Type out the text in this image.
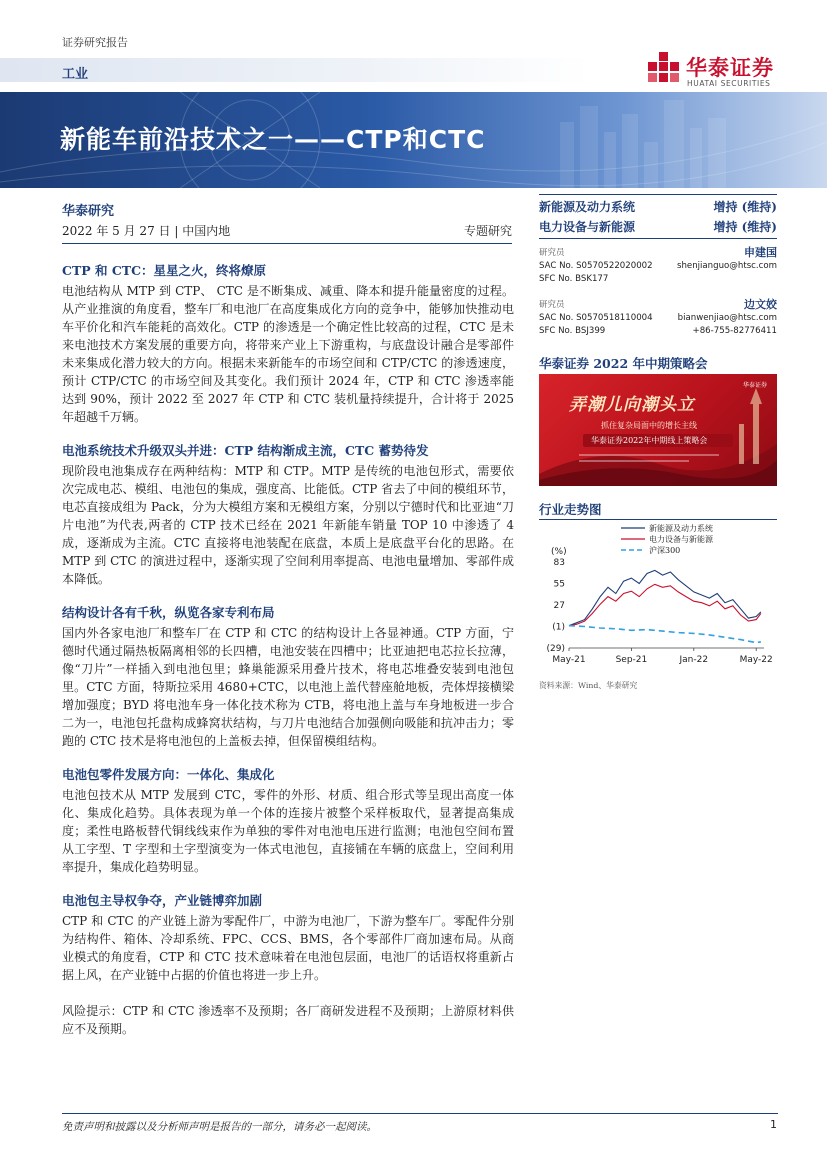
证券研究报告
工业	华泰证券
HUATAI SECURITIES
新能车前沿技术之一——CTP和CTC
华泰研究
2022 年 5 月 27 日 | 中国内地	专题研究
CTP 和 CTC：星星之火，终将燎原
电池结构从 MTP 到 CTP、 CTC 是不断集成、减重、降本和提升能量密度的过程。从产业推演的角度看，整车厂和电池厂在高度集成化方向的竞争中，能够加快推动电车平价化和汽车能耗的高效化。CTP 的渗透是一个确定性比较高的过程，CTC 是未来电池技术方案发展的重要方向，将带来产业上下游重构，与底盘设计融合是零部件未来集成化潜力较大的方向。根据未来新能车的市场空间和 CTP/CTC 的渗透速度，预计 CTP/CTC 的市场空间及其变化。我们预计 2024 年，CTP 和 CTC 渗透率能达到 90%，预计 2022 至 2027 年 CTP 和 CTC 装机量持续提升，合计将于 2025 年超越千万辆。
电池系统技术升级双头并进：CTP 结构渐成主流，CTC 蓄势待发
现阶段电池集成存在两种结构：MTP 和 CTP。MTP 是传统的电池包形式，需要依次完成电芯、模组、电池包的集成，强度高、比能低。CTP 省去了中间的模组环节，电芯直接成组为 Pack，分为大模组方案和无模组方案，分别以宁德时代和比亚迪“刀片电池”为代表,两者的 CTP 技术已经在 2021 年新能车销量 TOP 10 中渗透了 4 成，逐渐成为主流。CTC 直接将电池装配在底盘，本质上是底盘平台化的思路。在 MTP 到 CTC 的演进过程中，逐渐实现了空间利用率提高、电池电量增加、零部件成本降低。
结构设计各有千秋，纵览各家专利布局
国内外各家电池厂和整车厂在 CTP 和 CTC 的结构设计上各显神通。CTP 方面，宁德时代通过隔热板隔离相邻的长四槽，电池安装在四槽中；比亚迪把电芯拉长拉薄，像“刀片”一样插入到电池包里；蜂巢能源采用叠片技术，将电芯堆叠安装到电池包里。CTC 方面，特斯拉采用 4680+CTC，以电池上盖代替座舱地板，壳体焊接横梁增加强度；BYD 将电池车身一体化技术称为 CTB，将电池上盖与车身地板进一步合二为一，电池包托盘构成蜂窝状结构，与刀片电池结合加强侧向吸能和抗冲击力；零跑的 CTC 技术是将电池包的上盖板去掉，但保留模组结构。
电池包零件发展方向：一体化、集成化
电池包技术从 MTP 发展到 CTC，零件的外形、材质、组合形式等呈现出高度一体化、集成化趋势。具体表现为单一个体的连接片被整个采样板取代，显著提高集成度；柔性电路板替代铜线线束作为单独的零件对电池电压进行监测；电池包空间布置从工字型、T 字型和土字型演变为一体式电池包，直接铺在车辆的底盘上，空间利用率提升，集成化趋势明显。
电池包主导权争夺，产业链博弈加剧
CTP 和 CTC 的产业链上游为零配件厂，中游为电池厂，下游为整车厂。零配件分别为结构件、箱体、冷却系统、FPC、CCS、BMS，各个零部件厂商加速布局。从商业模式的角度看，CTP 和 CTC 技术意味着在电池包层面，电池厂的话语权将重新占据上风，在产业链中占据的价值也将进一步上升。
风险提示：CTP 和 CTC 渗透率不及预期；各厂商研发进程不及预期；上游原材料供应不及预期。
新能源及动力系统	增持 (维持)
电力设备与新能源	增持 (维持)
研究员	申建国
SAC No. S0570522020002
SFC No. BSK177
shenjianguo@htsc.com
研究员	边文姣
SAC No. S0570518110004
SFC No. BSJ399
bianwenjiao@htsc.com
+86-755-82776411
华泰证券 2022 年中期策略会
华泰证券
弄潮儿向潮头立
抓住复杂局面中的增长主线
华泰证券2022年中期线上策略会
行业走势图
(%)
83
55
27
(1)
(29)
May-21	Sep-21	Jan-22	May-22
新能源及动力系统
电力设备与新能源
沪深300
资料来源：Wind、华泰研究
免责声明和披露以及分析师声明是报告的一部分，请务必一起阅读。	1
